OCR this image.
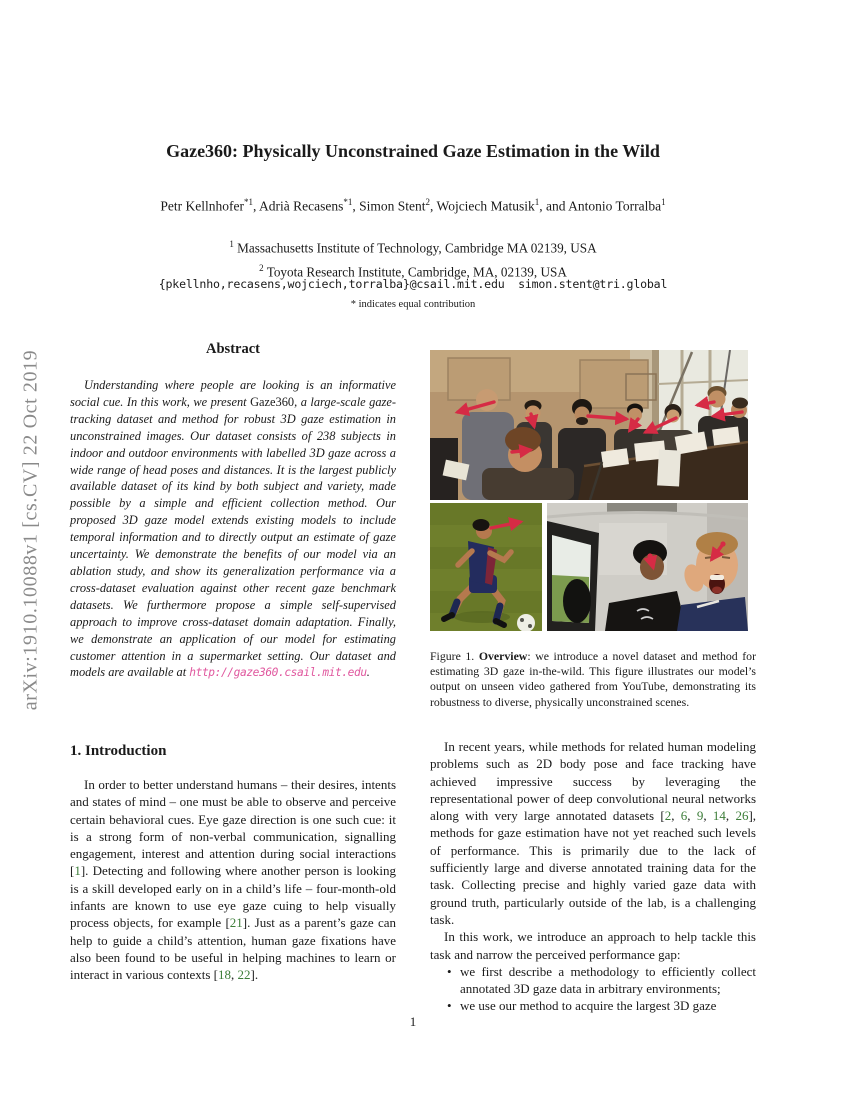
arXiv:1910.10088v1 [cs.CV] 22 Oct 2019
Gaze360: Physically Unconstrained Gaze Estimation in the Wild
Petr Kellnhofer$^{*1}$, Adrià Recasens$^{*1}$, Simon Stent$^2$, Wojciech Matusik$^1$, and Antonio Torralba$^1$
$^1$ Massachusetts Institute of Technology, Cambridge MA 02139, USA
$^2$ Toyota Research Institute, Cambridge, MA, 02139, USA
{pkellnho,recasens,wojciech,torralba}@csail.mit.edu  simon.stent@tri.global
* indicates equal contribution
Abstract
Understanding where people are looking is an informative social cue. In this work, we present Gaze360, a large-scale gaze-tracking dataset and method for robust 3D gaze estimation in unconstrained images. Our dataset consists of 238 subjects in indoor and outdoor environments with labelled 3D gaze across a wide range of head poses and distances. It is the largest publicly available dataset of its kind by both subject and variety, made possible by a simple and efficient collection method. Our proposed 3D gaze model extends existing models to include temporal information and to directly output an estimate of gaze uncertainty. We demonstrate the benefits of our model via an ablation study, and show its generalization performance via a cross-dataset evaluation against other recent gaze benchmark datasets. We furthermore propose a simple self-supervised approach to improve cross-dataset domain adaptation. Finally, we demonstrate an application of our model for estimating customer attention in a supermarket setting. Our dataset and models are available at http://gaze360.csail.mit.edu.
1. Introduction

In order to better understand humans – their desires, intents and states of mind – one must be able to observe and perceive certain behavioral cues. Eye gaze direction is one such cue: it is a strong form of non-verbal communication, signalling engagement, interest and attention during social interactions [1]. Detecting and following where another person is looking is a skill developed early on in a child’s life – four-month-old infants are known to use eye gaze cuing to help visually process objects, for example [21]. Just as a parent’s gaze can help to guide a child’s attention, human gaze fixations have also been found to be useful in helping machines to learn or interact in various contexts [18, 22].

Figure 1. Overview: we introduce a novel dataset and method for estimating 3D gaze in-the-wild. This figure illustrates our model’s output on unseen video gathered from YouTube, demonstrating its robustness to diverse, physically unconstrained scenes.

In recent years, while methods for related human modeling problems such as 2D body pose and face tracking have achieved impressive success by leveraging the representational power of deep convolutional neural networks along with very large annotated datasets [2, 6, 9, 14, 26], methods for gaze estimation have not yet reached such levels of performance. This is primarily due to the lack of sufficiently large and diverse annotated training data for the task. Collecting precise and highly varied gaze data with ground truth, particularly outside of the lab, is a challenging task.

In this work, we introduce an approach to help tackle this task and narrow the perceived performance gap:

• we first describe a methodology to efficiently collect annotated 3D gaze data in arbitrary environments;
• we use our method to acquire the largest 3D gaze
1
